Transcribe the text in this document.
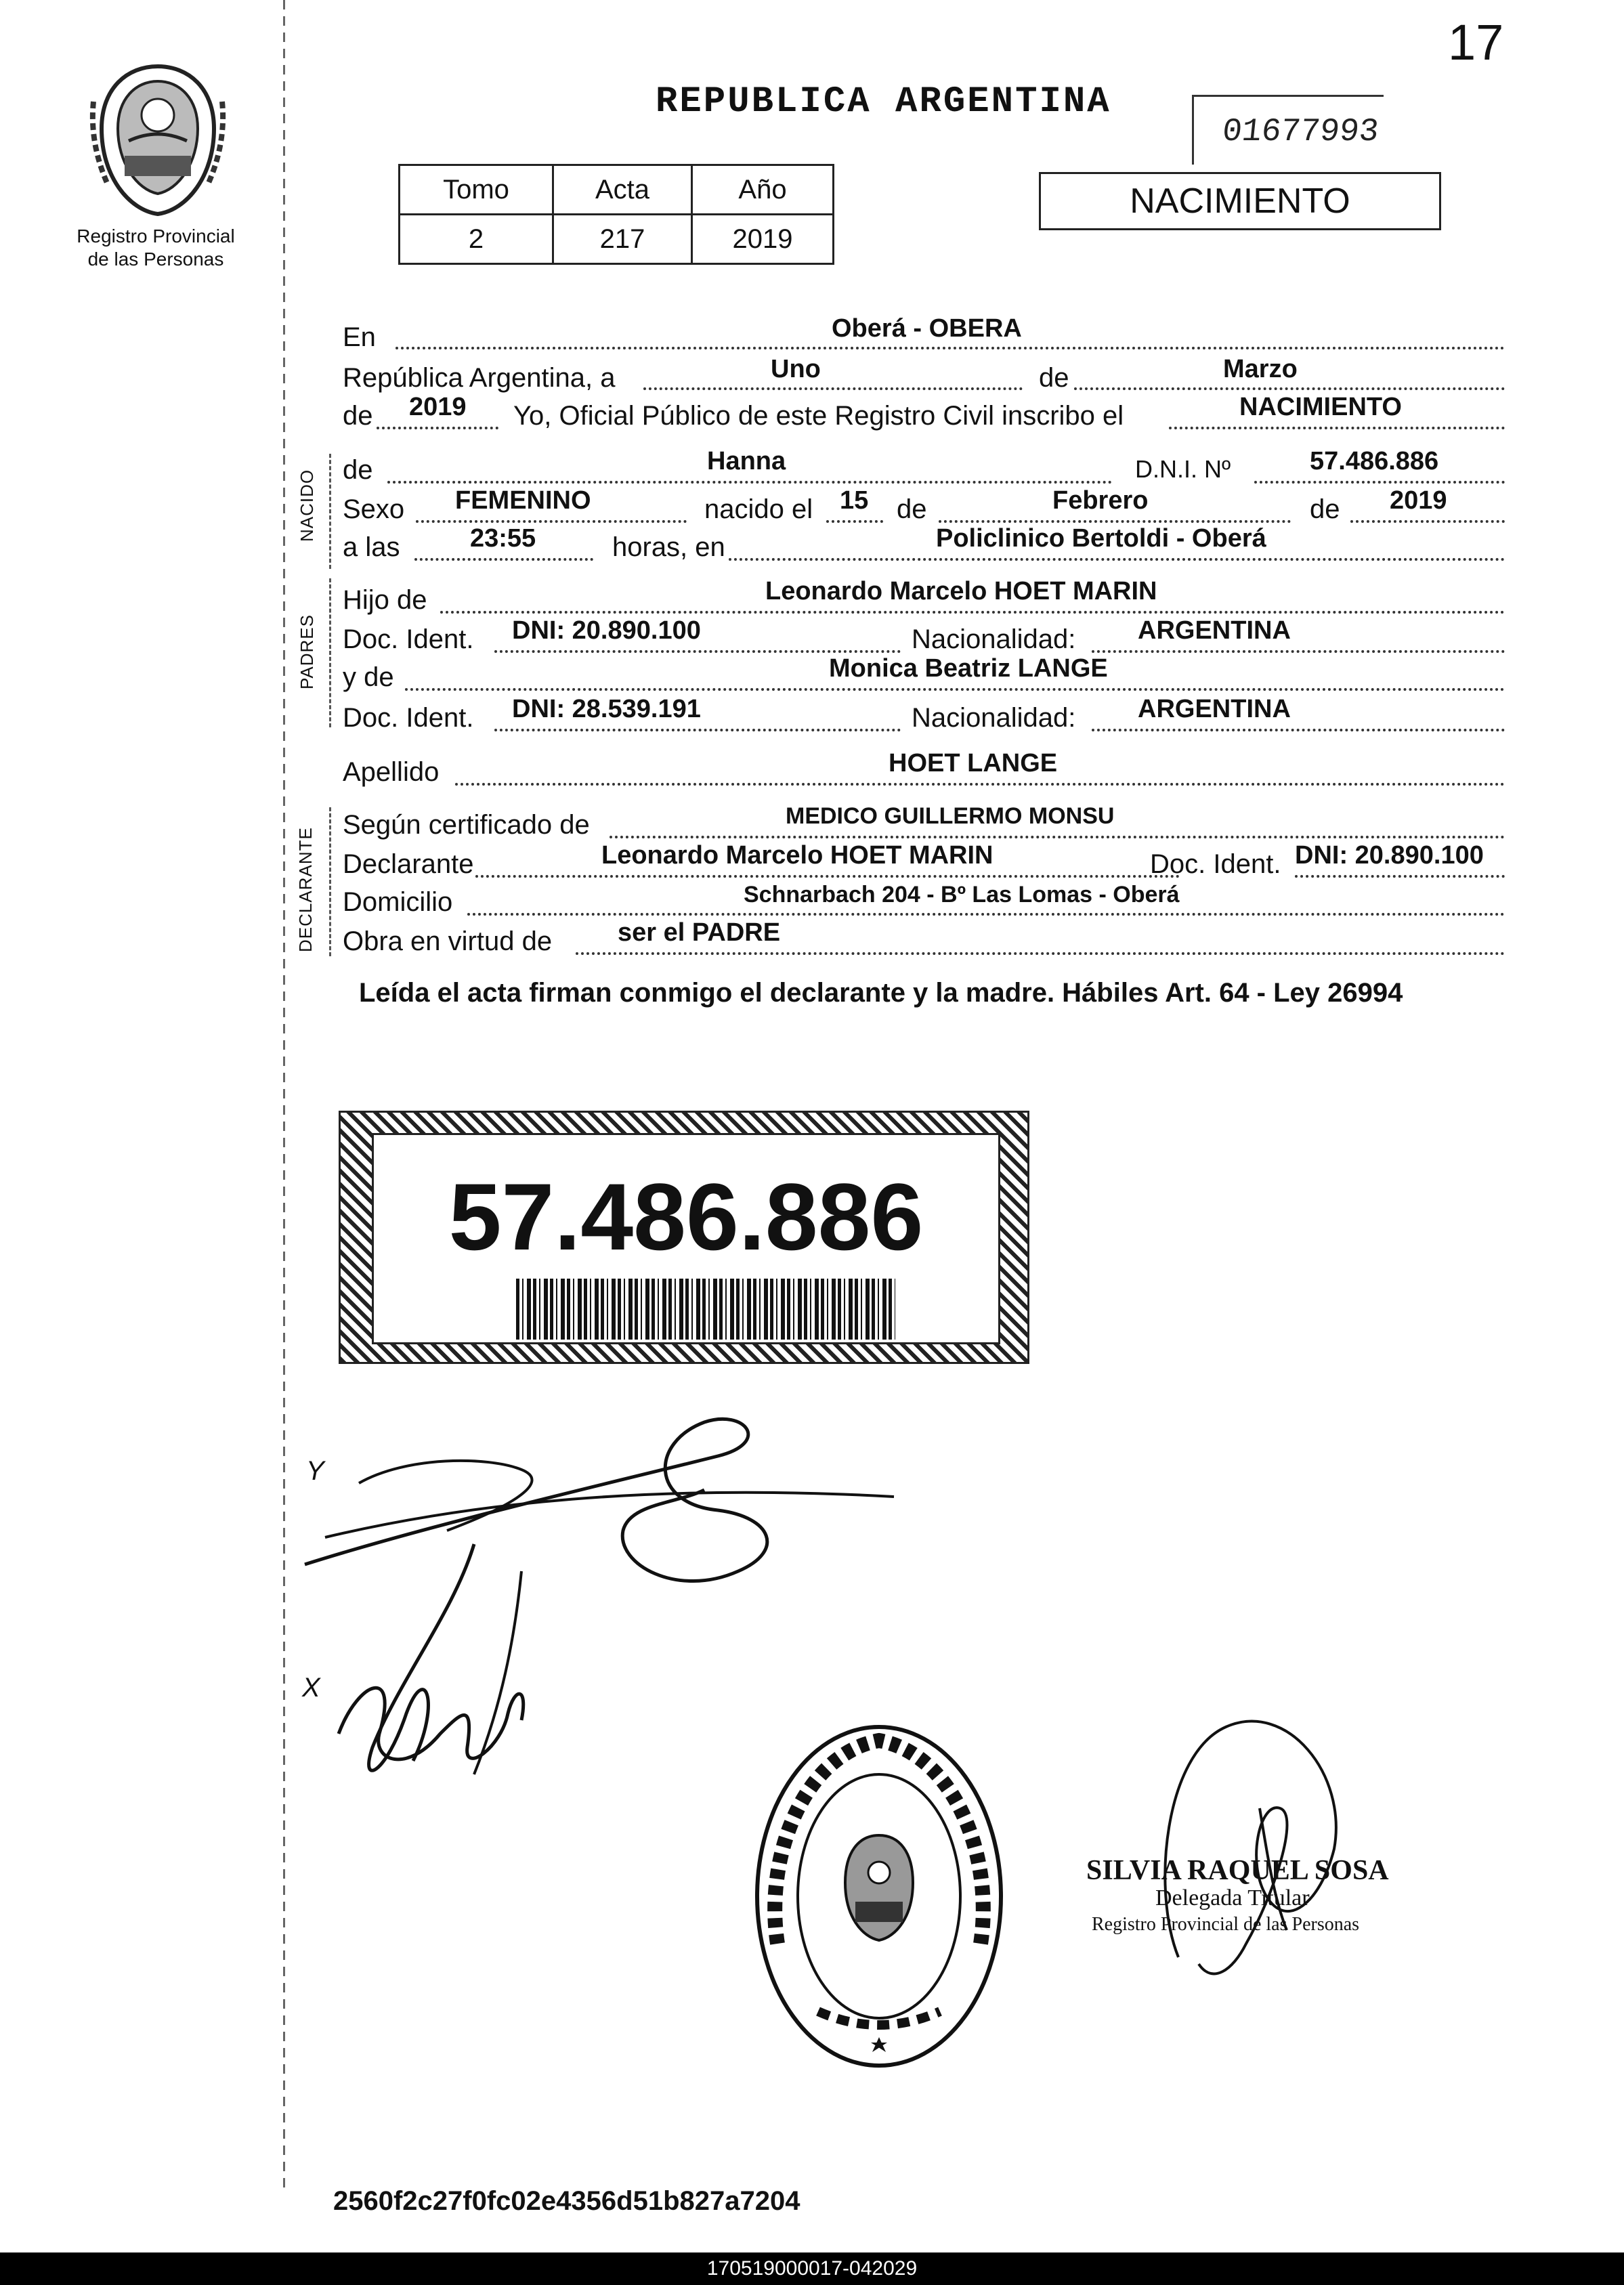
17
Registro Provincial
de las Personas
REPUBLICA ARGENTINA
01677993
NACIMIENTO
Tomo	Acta	Año
2	217	2019
En	Oberá - OBERA
República Argentina, a	Uno	de	Marzo
de 2019 Yo, Oficial Público de este Registro Civil inscribo el	NACIMIENTO
NACIDO de	Hanna	D.N.I. Nº	57.486.886
Sexo FEMENINO	nacido el 15 de	Febrero	de 2019
a las	23:55	horas, en	Policlinico Bertoldi - Oberá
PADRES
Hijo de	Leonardo Marcelo HOET MARIN
Doc. Ident. DNI: 20.890.100	Nacionalidad: ARGENTINA
y de	Monica Beatriz LANGE
Doc. Ident. DNI: 28.539.191	Nacionalidad: ARGENTINA
Apellido	HOET LANGE
DECLARANTE
Según certificado de	MEDICO GUILLERMO MONSU
Declarante	Leonardo Marcelo HOET MARIN	Doc. Ident. DNI: 20.890.100
Domicilio	Schnarbach 204 - Bº Las Lomas - Oberá
Obra en virtud de	ser el PADRE
Leída el acta firman conmigo el declarante y la madre. Hábiles Art. 64 - Ley 26994
57.486.886
Y
X
SILVIA RAQUEL SOSA
Delegada Titular
Registro Provincial de las Personas
2560f2c27f0fc02e4356d51b827a7204
170519000017-042029
